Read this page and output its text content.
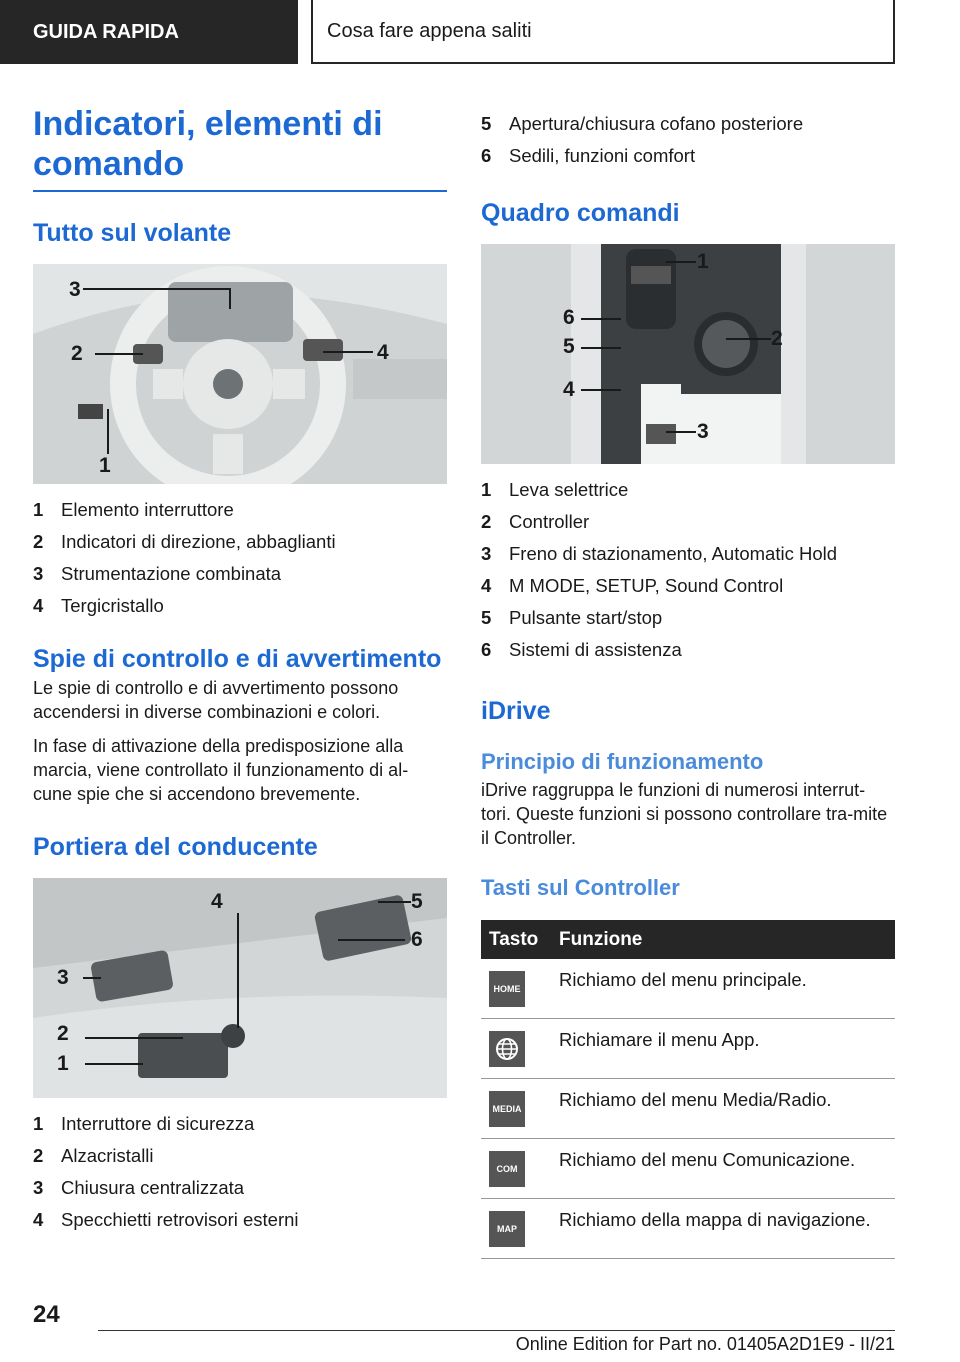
GUIDA RAPIDA	Cosa fare appena saliti
Indicatori, elementi di comando
Tutto sul volante
3
2	4
1
1 Elemento interruttore
2 Indicatori di direzione, abbaglianti
3 Strumentazione combinata
4 Tergicristallo
Spie di controllo e di avvertimento

Le spie di controllo e di avvertimento possono accendersi in diverse combinazioni e colori.

In fase di attivazione della predisposizione alla marcia, viene controllato il funzionamento di al-cune spie che si accendono brevemente.

Portiera del conducente
4	5
6
3
2
1
1 Interruttore di sicurezza
2 Alzacristalli
3 Chiusura centralizzata
4 Specchietti retrovisori esterni
5 Apertura/chiusura cofano posteriore
6 Sedili, funzioni comfort
Quadro comandi
1
6
5	2
4
3
1 Leva selettrice
2 Controller
3 Freno di stazionamento, Automatic Hold
4 M MODE, SETUP, Sound Control
5 Pulsante start/stop
6 Sistemi di assistenza
iDrive
Principio di funzionamento

iDrive raggruppa le funzioni di numerosi interrut-tori. Queste funzioni si possono controllare tra-mite il Controller.

Tasti sul Controller
Tasto	Funzione

HOME	Richiamo del menu principale.

	Richiamare il menu App.

MEDIA	Richiamo del menu Media/Radio.

COM	Richiamo del menu Comunicazione.

MAP	Richiamo della mappa di navigazione.
24
Online Edition for Part no. 01405A2D1E9 - II/21
